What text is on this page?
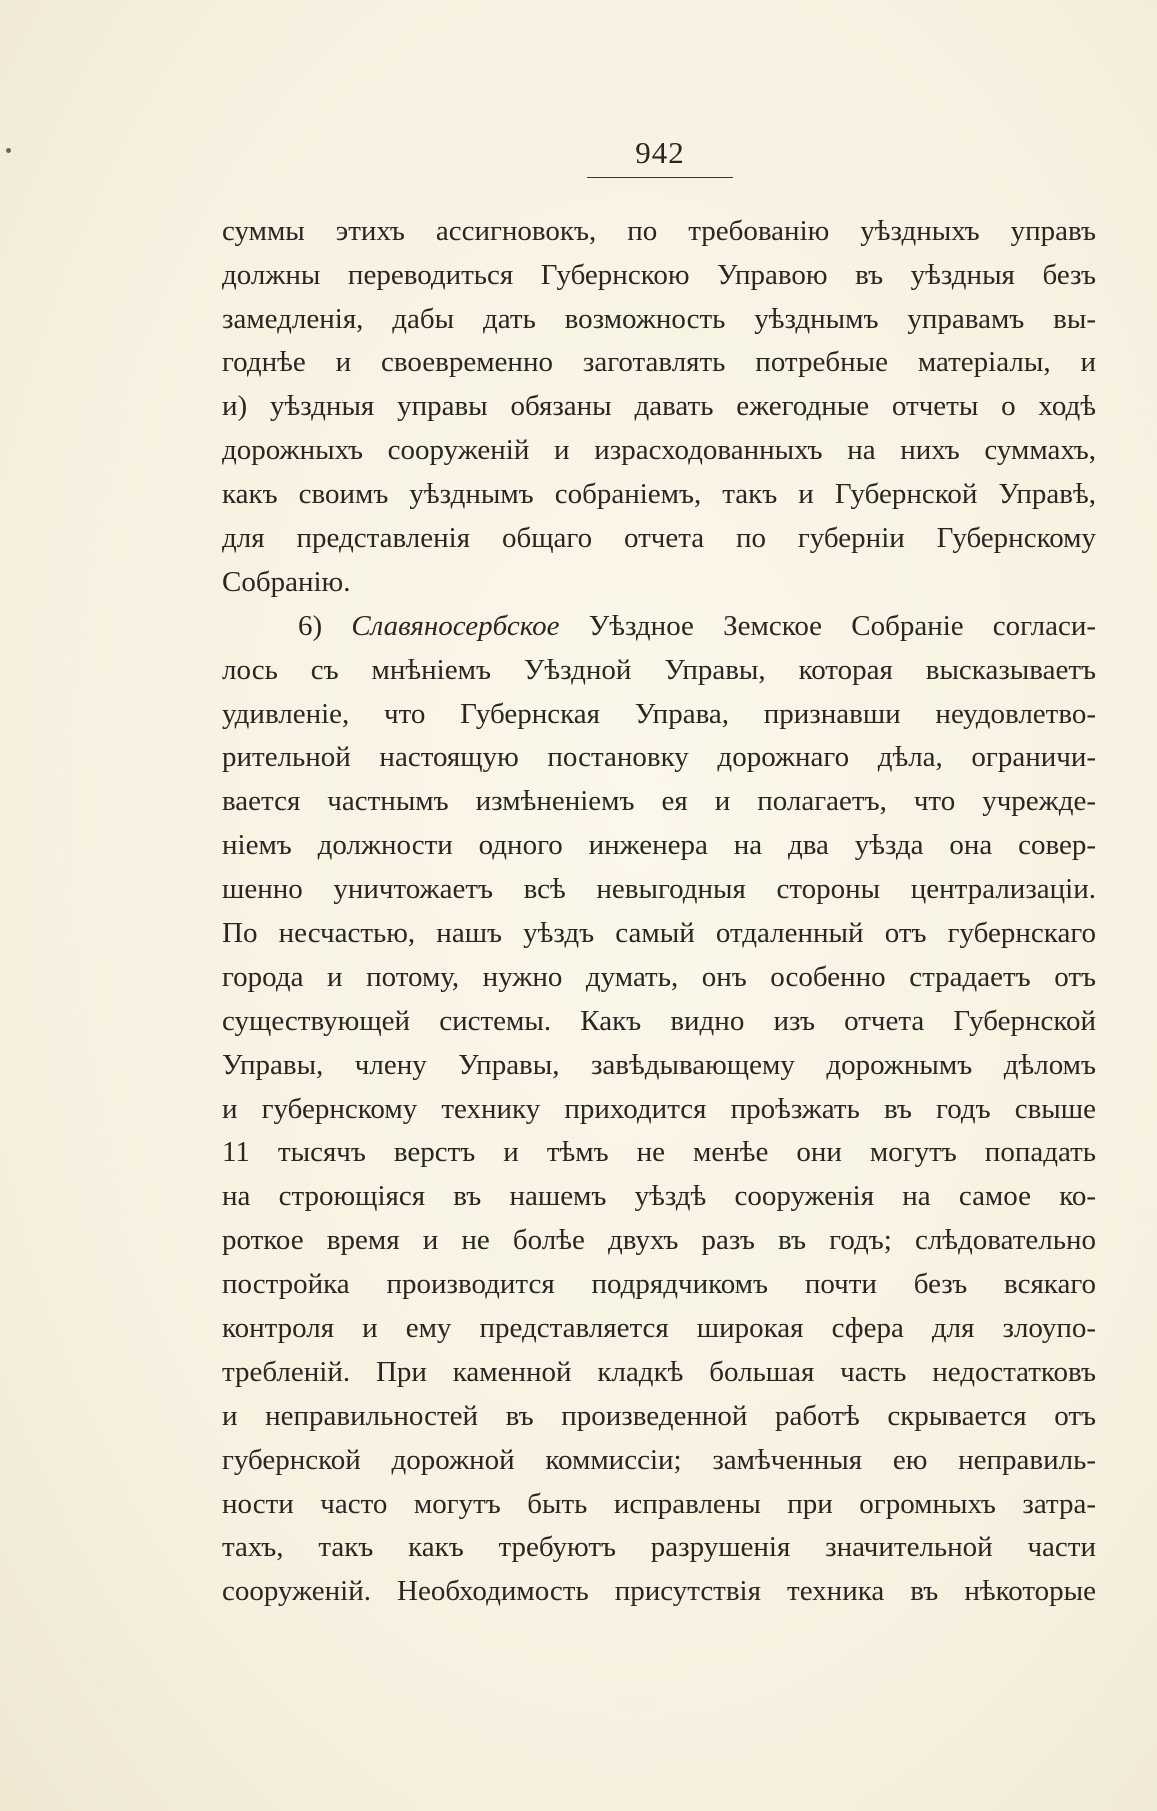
942
суммы этихъ ассигновокъ, по требованію уѣздныхъ управъ
должны переводиться Губернскою Управою въ уѣздныя безъ
замедленія, дабы дать возможность уѣзднымъ управамъ вы-
годнѣе и своевременно заготавлять потребные матеріалы, и
и) уѣздныя управы обязаны давать ежегодные отчеты о ходѣ
дорожныхъ сооруженій и израсходованныхъ на нихъ суммахъ,
какъ своимъ уѣзднымъ собраніемъ, такъ и Губернской Управѣ,
для представленія общаго отчета по губерніи Губернскому
Собранію.
6) Славяносербское Уѣздное Земское Собраніе согласи-
лось съ мнѣніемъ Уѣздной Управы, которая высказываетъ
удивленіе, что Губернская Управа, признавши неудовлетво-
рительной настоящую постановку дорожнаго дѣла, ограничи-
вается частнымъ измѣненіемъ ея и полагаетъ, что учрежде-
ніемъ должности одного инженера на два уѣзда она совер-
шенно уничтожаетъ всѣ невыгодныя стороны централизаціи.
По несчастью, нашъ уѣздъ самый отдаленный отъ губернскаго
города и потому, нужно думать, онъ особенно страдаетъ отъ
существующей системы. Какъ видно изъ отчета Губернской
Управы, члену Управы, завѣдывающему дорожнымъ дѣломъ
и губернскому технику приходится проѣзжать въ годъ свыше
11 тысячъ верстъ и тѣмъ не менѣе они могутъ попадать
на строющіяся въ нашемъ уѣздѣ сооруженія на самое ко-
роткое время и не болѣе двухъ разъ въ годъ; слѣдовательно
постройка производится подрядчикомъ почти безъ всякаго
контроля и ему представляется широкая сфера для злоупо-
требленій. При каменной кладкѣ большая часть недостатковъ
и неправильностей въ произведенной работѣ скрывается отъ
губернской дорожной коммиссіи; замѣченныя ею неправиль-
ности часто могутъ быть исправлены при огромныхъ затра-
тахъ, такъ какъ требуютъ разрушенія значительной части
сооруженій. Необходимость присутствія техника въ нѣкоторые
